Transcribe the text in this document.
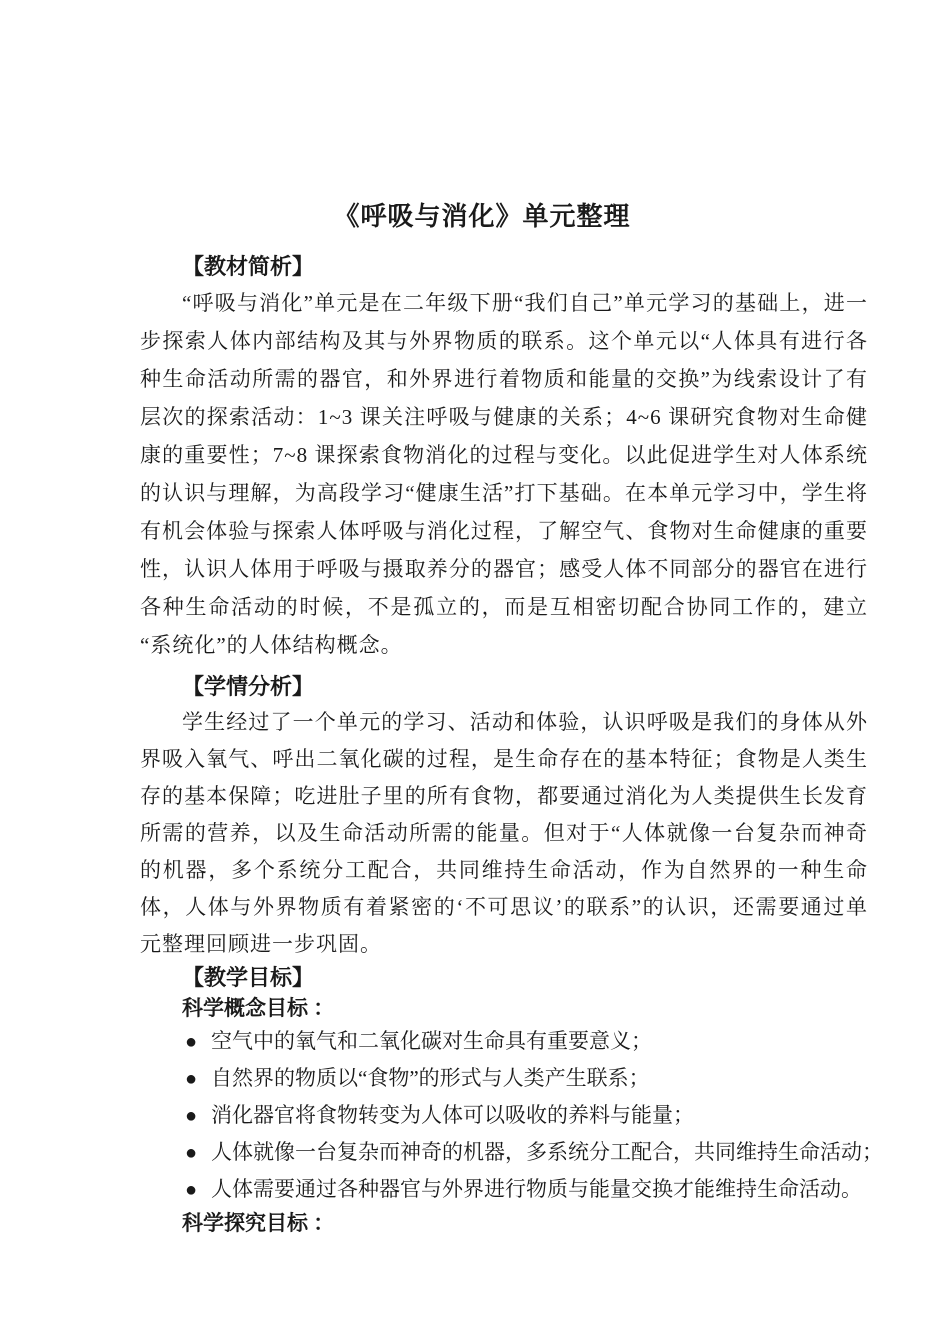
《呼吸与消化》单元整理
【教材简析】

“呼吸与消化”单元是在二年级下册“我们自己”单元学习的基础上，进一步探索人体内部结构及其与外界物质的联系。这个单元以“人体具有进行各种生命活动所需的器官，和外界进行着物质和能量的交换”为线索设计了有层次的探索活动：1~3 课关注呼吸与健康的关系；4~6 课研究食物对生命健康的重要性；7~8 课探索食物消化的过程与变化。以此促进学生对人体系统的认识与理解，为高段学习“健康生活”打下基础。在本单元学习中，学生将有机会体验与探索人体呼吸与消化过程，了解空气、食物对生命健康的重要性，认识人体用于呼吸与摄取养分的器官；感受人体不同部分的器官在进行各种生命活动的时候，不是孤立的，而是互相密切配合协同工作的，建立“系统化”的人体结构概念。

【学情分析】

学生经过了一个单元的学习、活动和体验，认识呼吸是我们的身体从外界吸入氧气、呼出二氧化碳的过程，是生命存在的基本特征；食物是人类生存的基本保障；吃进肚子里的所有食物，都要通过消化为人类提供生长发育所需的营养，以及生命活动所需的能量。但对于“人体就像一台复杂而神奇的机器，多个系统分工配合，共同维持生命活动，作为自然界的一种生命体，人体与外界物质有着紧密的‘不可思议’的联系”的认识，还需要通过单元整理回顾进一步巩固。

【教学目标】
科学概念目标 ：
● 空气中的氧气和二氧化碳对生命具有重要意义；
● 自然界的物质以“食物”的形式与人类产生联系；
● 消化器官将食物转变为人体可以吸收的养料与能量；
● 人体就像一台复杂而神奇的机器，多系统分工配合，共同维持生命活动；
● 人体需要通过各种器官与外界进行物质与能量交换才能维持生命活动。
科学探究目标 ：
